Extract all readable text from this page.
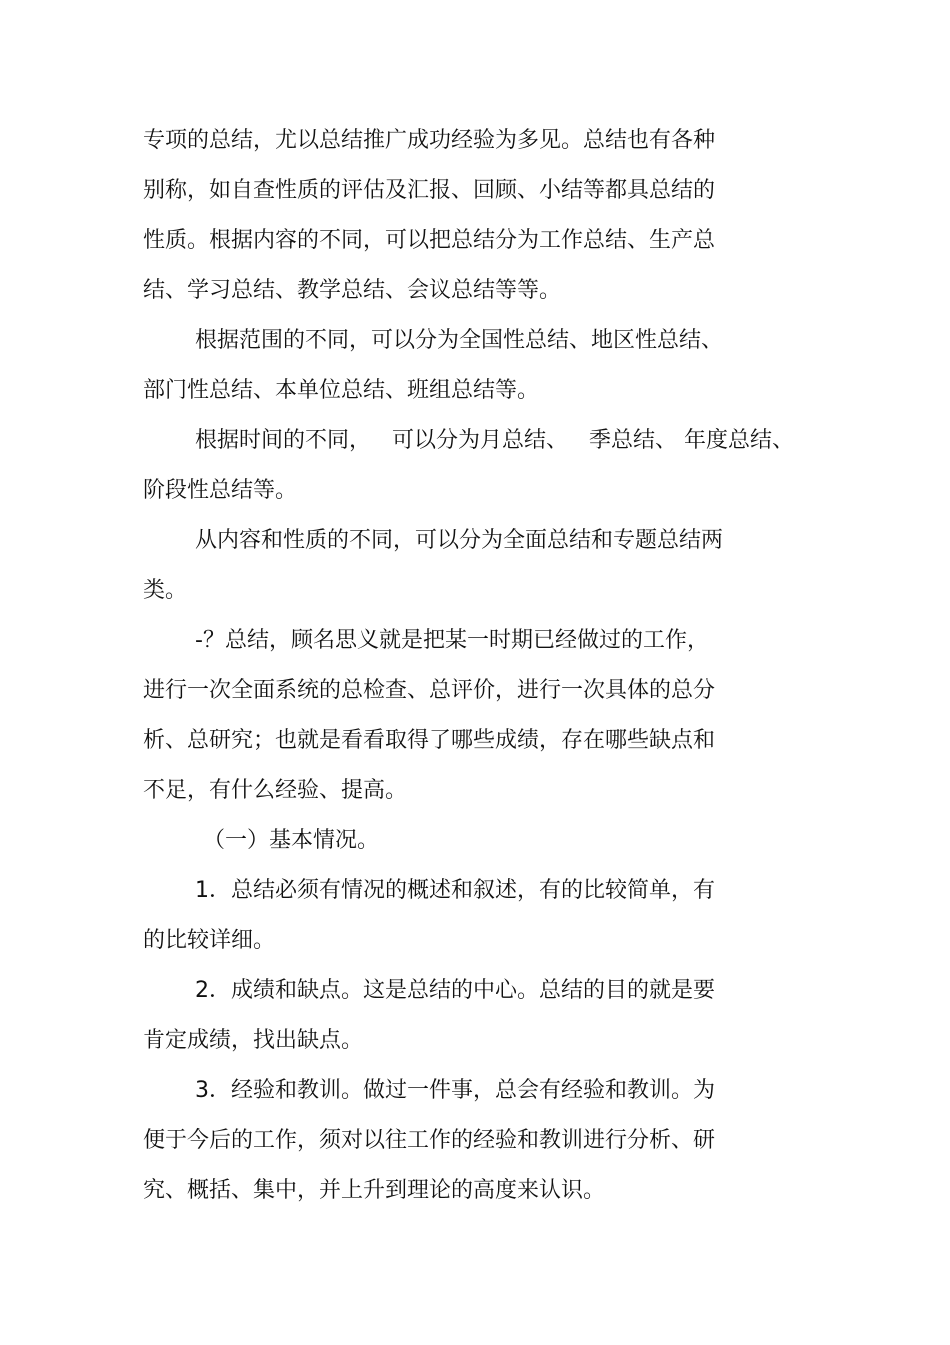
专项的总结，尤以总结推广成功经验为多见。总结也有各种
别称，如自查性质的评估及汇报、回顾、小结等都具总结的
性质。根据内容的不同，可以把总结分为工作总结、生产总
结、学习总结、教学总结、会议总结等等。
根据范围的不同，可以分为全国性总结、地区性总结、
部门性总结、本单位总结、班组总结等。
根据时间的不同，   可以分为月总结、   季总结、 年度总结、
阶段性总结等。
从内容和性质的不同，可以分为全面总结和专题总结两
类。
-？总结，顾名思义就是把某一时期已经做过的工作，
进行一次全面系统的总检查、总评价，进行一次具体的总分
析、总研究；也就是看看取得了哪些成绩，存在哪些缺点和
不足，有什么经验、提高。
（一）基本情况。
1．总结必须有情况的概述和叙述，有的比较简单，有
的比较详细。
2．成绩和缺点。这是总结的中心。总结的目的就是要
肯定成绩，找出缺点。
3．经验和教训。做过一件事，总会有经验和教训。为
便于今后的工作，须对以往工作的经验和教训进行分析、研
究、概括、集中，并上升到理论的高度来认识。
